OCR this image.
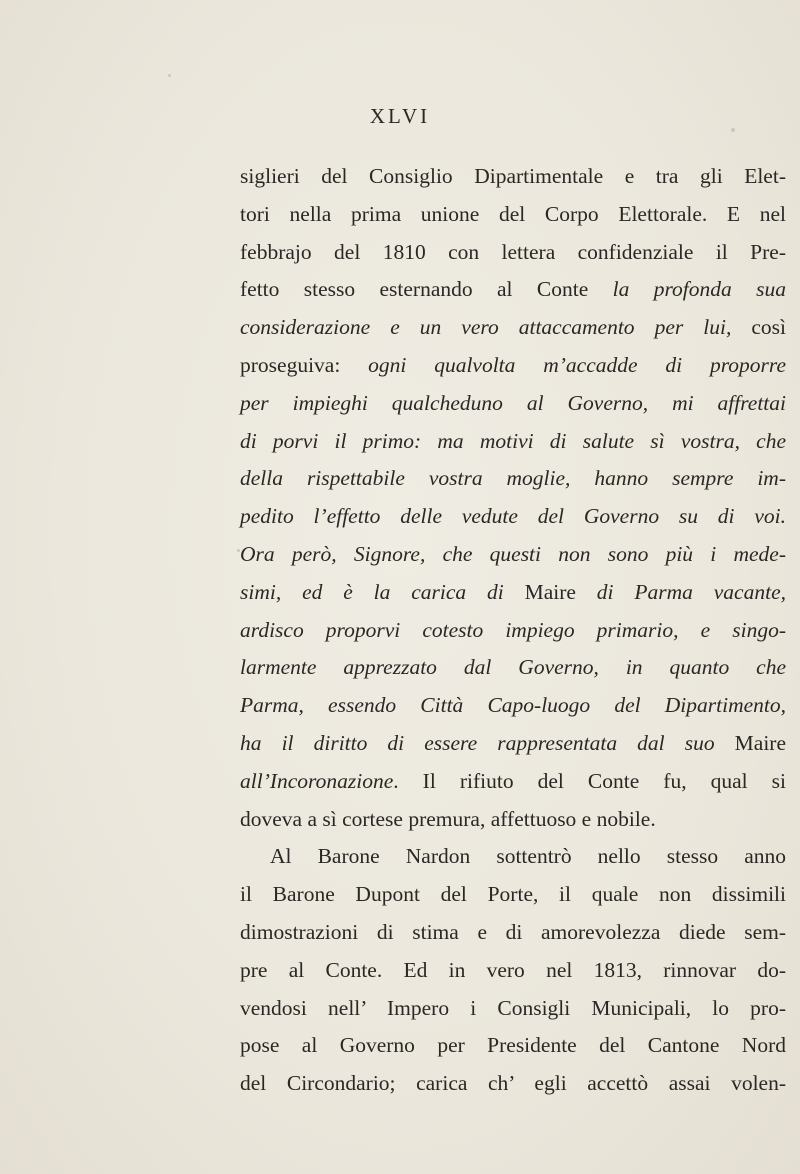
XLVI
siglieri del Consiglio Dipartimentale e tra gli Elet-
tori nella prima unione del Corpo Elettorale. E nel
febbrajo del 1810 con lettera confidenziale il Pre-
fetto stesso esternando al Conte la profonda sua
considerazione e un vero attaccamento per lui, così
proseguiva: ogni qualvolta m’accadde di proporre
per impieghi qualcheduno al Governo, mi affrettai
di porvi il primo: ma motivi di salute sì vostra, che
della rispettabile vostra moglie, hanno sempre im-
pedito l’effetto delle vedute del Governo su di voi.
Ora però, Signore, che questi non sono più i mede-
simi, ed è la carica di Maire di Parma vacante,
ardisco proporvi cotesto impiego primario, e singo-
larmente apprezzato dal Governo, in quanto che
Parma, essendo Città Capo-luogo del Dipartimento,
ha il diritto di essere rappresentata dal suo Maire
all’Incoronazione. Il rifiuto del Conte fu, qual si
doveva a sì cortese premura, affettuoso e nobile.
Al Barone Nardon sottentrò nello stesso anno
il Barone Dupont del Porte, il quale non dissimili
dimostrazioni di stima e di amorevolezza diede sem-
pre al Conte. Ed in vero nel 1813, rinnovar do-
vendosi nell’ Impero i Consigli Municipali, lo pro-
pose al Governo per Presidente del Cantone Nord
del Circondario; carica ch’ egli accettò assai volen-
